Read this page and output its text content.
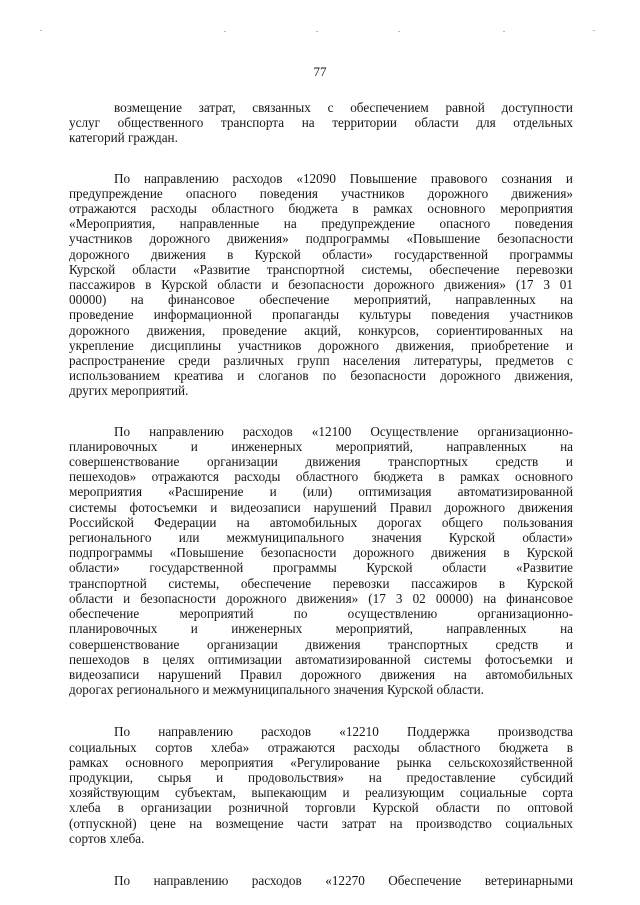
77

возмещение затрат, связанных с обеспечением равной доступности
услуг общественного транспорта на территории области для отдельных
категорий граждан.

По направлению расходов «12090 Повышение правового сознания и
предупреждение опасного поведения участников дорожного движения»
отражаются расходы областного бюджета в рамках основного мероприятия
«Мероприятия, направленные на предупреждение опасного поведения
участников дорожного движения» подпрограммы «Повышение безопасности
дорожного движения в Курской области» государственной программы
Курской области «Развитие транспортной системы, обеспечение перевозки
пассажиров в Курской области и безопасности дорожного движения» (17 3 01
00000) на финансовое обеспечение мероприятий, направленных на
проведение информационной пропаганды культуры поведения участников
дорожного движения, проведение акций, конкурсов, сориентированных на
укрепление дисциплины участников дорожного движения, приобретение и
распространение среди различных групп населения литературы, предметов с
использованием креатива и слоганов по безопасности дорожного движения,
других мероприятий.

По направлению расходов «12100 Осуществление организационно-
планировочных и инженерных мероприятий, направленных на
совершенствование организации движения транспортных средств и
пешеходов» отражаются расходы областного бюджета в рамках основного
мероприятия «Расширение и (или) оптимизация автоматизированной
системы фотосъемки и видеозаписи нарушений Правил дорожного движения
Российской Федерации на автомобильных дорогах общего пользования
регионального или межмуниципального значения Курской области»
подпрограммы «Повышение безопасности дорожного движения в Курской
области» государственной программы Курской области «Развитие
транспортной системы, обеспечение перевозки пассажиров в Курской
области и безопасности дорожного движения» (17 3 02 00000) на финансовое
обеспечение мероприятий по осуществлению организационно-
планировочных и инженерных мероприятий, направленных на
совершенствование организации движения транспортных средств и
пешеходов в целях оптимизации автоматизированной системы фотосъемки и
видеозаписи нарушений Правил дорожного движения на автомобильных
дорогах регионального и межмуниципального значения Курской области.

По направлению расходов «12210 Поддержка производства
социальных сортов хлеба» отражаются расходы областного бюджета в
рамках основного мероприятия «Регулирование рынка сельскохозяйственной
продукции, сырья и продовольствия» на предоставление субсидий
хозяйствующим субъектам, выпекающим и реализующим социальные сорта
хлеба в организации розничной торговли Курской области по оптовой
(отпускной) цене на возмещение части затрат на производство социальных
сортов хлеба.

По направлению расходов «12270 Обеспечение ветеринарными
